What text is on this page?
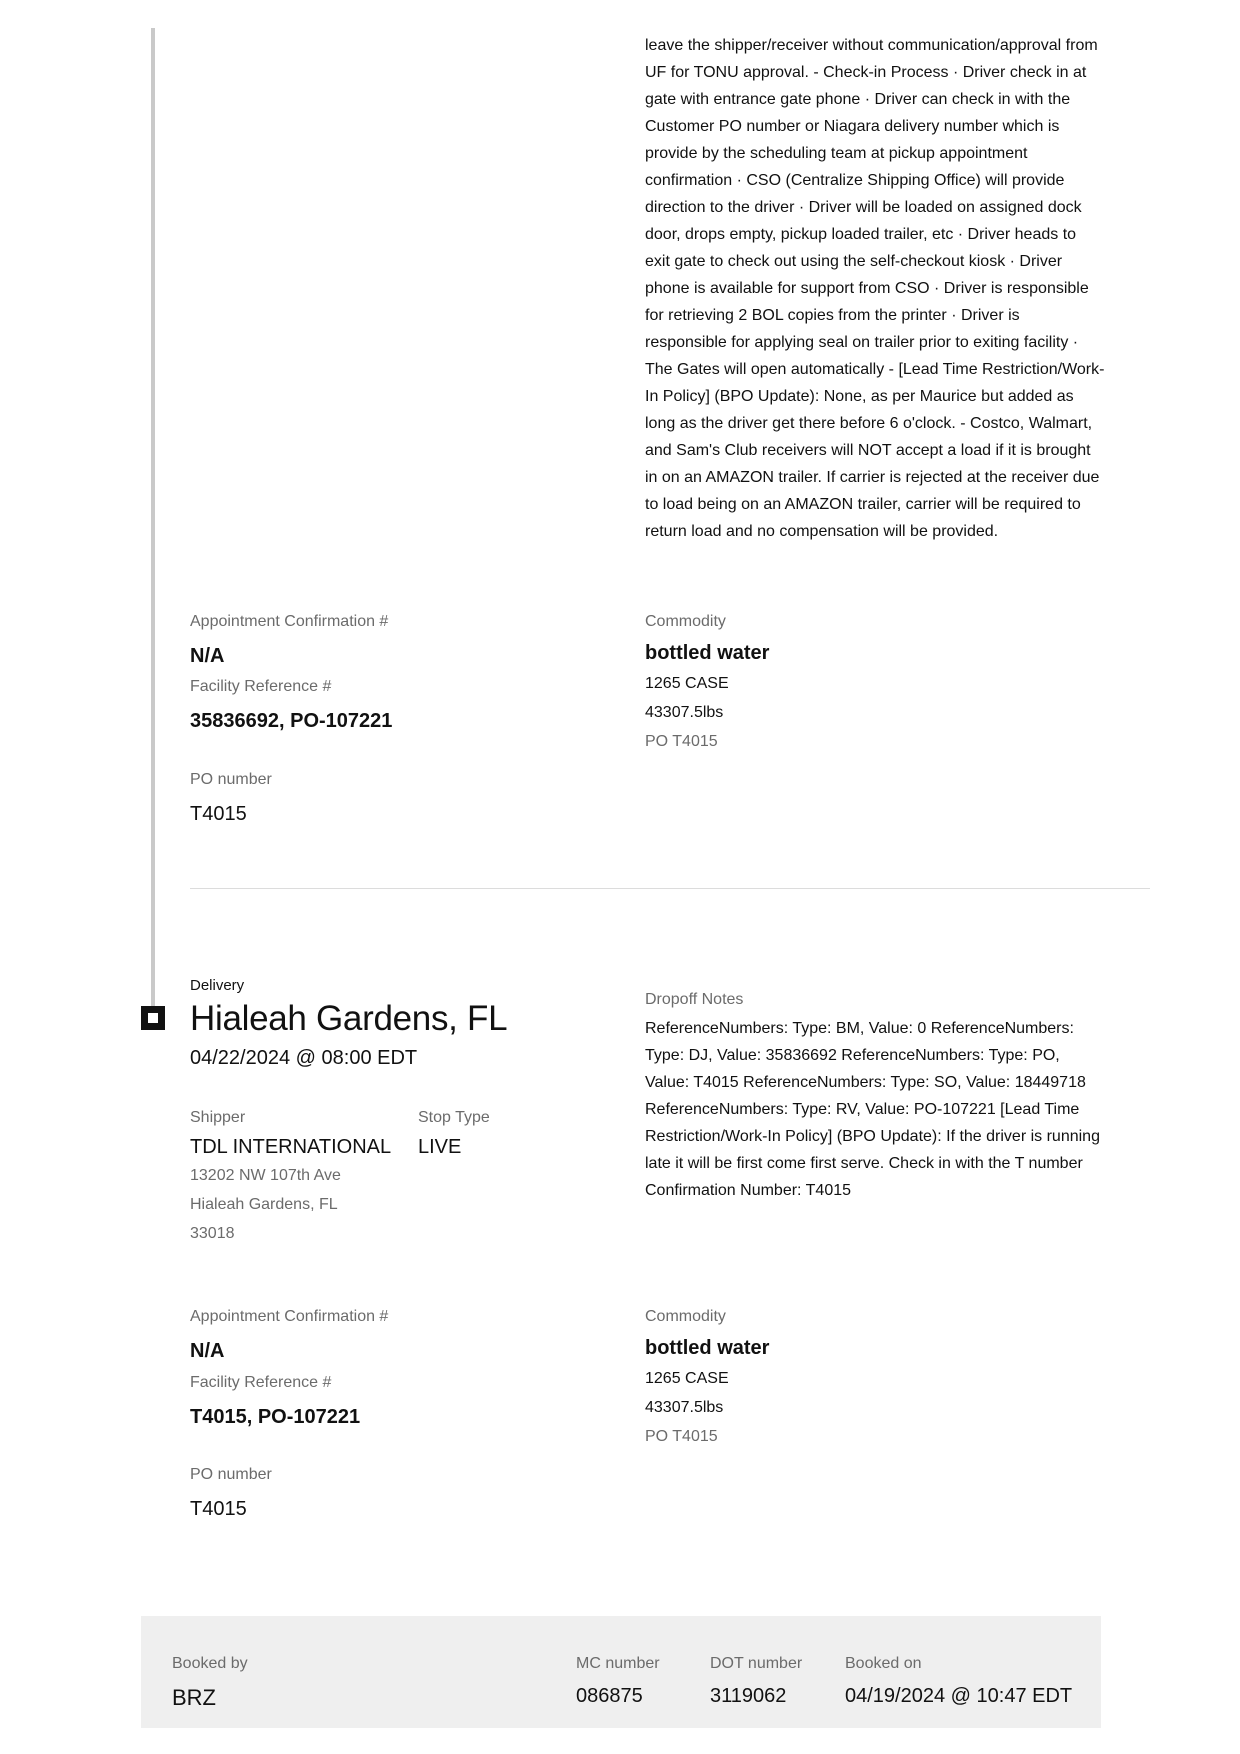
leave the shipper/receiver without communication/approval from UF for TONU approval. - Check-in Process · Driver check in at gate with entrance gate phone · Driver can check in with the Customer PO number or Niagara delivery number which is provide by the scheduling team at pickup appointment confirmation · CSO (Centralize Shipping Office) will provide direction to the driver · Driver will be loaded on assigned dock door, drops empty, pickup loaded trailer, etc · Driver heads to exit gate to check out using the self-checkout kiosk · Driver phone is available for support from CSO · Driver is responsible for retrieving 2 BOL copies from the printer · Driver is responsible for applying seal on trailer prior to exiting facility · The Gates will open automatically - [Lead Time Restriction/Work-In Policy] (BPO Update): None, as per Maurice but added as long as the driver get there before 6 o'clock. - Costco, Walmart, and Sam's Club receivers will NOT accept a load if it is brought in on an AMAZON trailer. If carrier is rejected at the receiver due to load being on an AMAZON trailer, carrier will be required to return load and no compensation will be provided.
Appointment Confirmation #
N/A
Facility Reference #
35836692, PO-107221
PO number
T4015
Commodity
bottled water
1265 CASE
43307.5lbs
PO T4015
Delivery
Hialeah Gardens, FL
04/22/2024 @ 08:00 EDT
Shipper
TDL INTERNATIONAL
13202 NW 107th Ave
Hialeah Gardens, FL
33018
Stop Type
LIVE
Dropoff Notes
ReferenceNumbers: Type: BM, Value: 0 ReferenceNumbers: Type: DJ, Value: 35836692 ReferenceNumbers: Type: PO, Value: T4015 ReferenceNumbers: Type: SO, Value: 18449718 ReferenceNumbers: Type: RV, Value: PO-107221 [Lead Time Restriction/Work-In Policy] (BPO Update): If the driver is running late it will be first come first serve. Check in with the T number Confirmation Number: T4015
Appointment Confirmation #
N/A
Facility Reference #
T4015, PO-107221
PO number
T4015
Commodity
bottled water
1265 CASE
43307.5lbs
PO T4015
Booked by
BRZ
MC number
086875
DOT number
3119062
Booked on
04/19/2024 @ 10:47 EDT
